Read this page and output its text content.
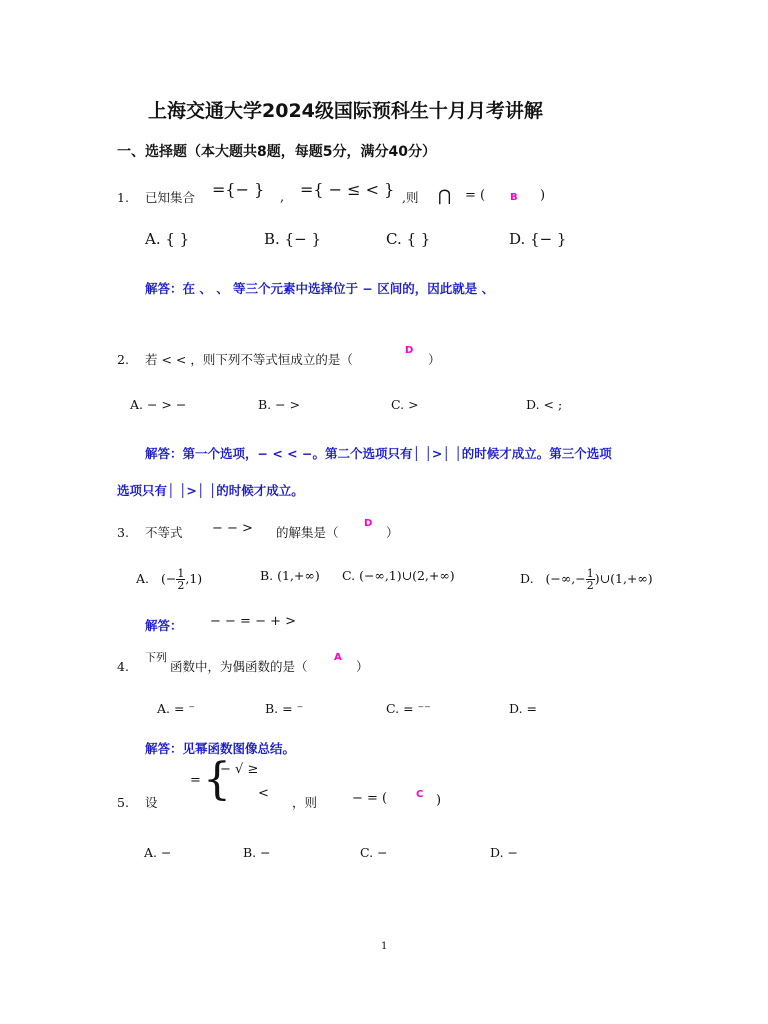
上海交通大学2024级国际预科生十月月考讲解
一、选择题（本大题共8题，每题5分，满分40分）
1. 已知集合 ={− } , ={ − ≤ < } ,则 ⋂ = ( B )
A. { }	B. {− }	C. { }	D. {− }
解答：在 、 、 等三个元素中选择位于 − 区间的，因此就是 、
2. 若 < < ，则下列不等式恒成立的是（
D
）
A. − > −	B. − >	C. >	D. < ;
解答：第一个选项，− < < −。第二个选项只有│ │>│ │的时候才成立。第三个选项
选项只有│ │>│ │的时候才成立。
3. 不等式 − − > 的解集是（
D
）
A. (− $\frac{1}{2} ,1$)	B. (1,+∞) C. (−∞,1)∪(2,+∞)	D. (−∞,− $\frac{1}{2}$ )∪(1,+∞)
解答： − − = − + >
4.
下列
函数中，为偶函数的是（
A
）
A. = ⁻	B. = ⁻	C. = ⁻⁻	D. =
解答：见幂函数图像总结。
5. 设
= {
− √ ≥
<
，则	− = (	C )
A. −	B. −	C. −	D. −
1
